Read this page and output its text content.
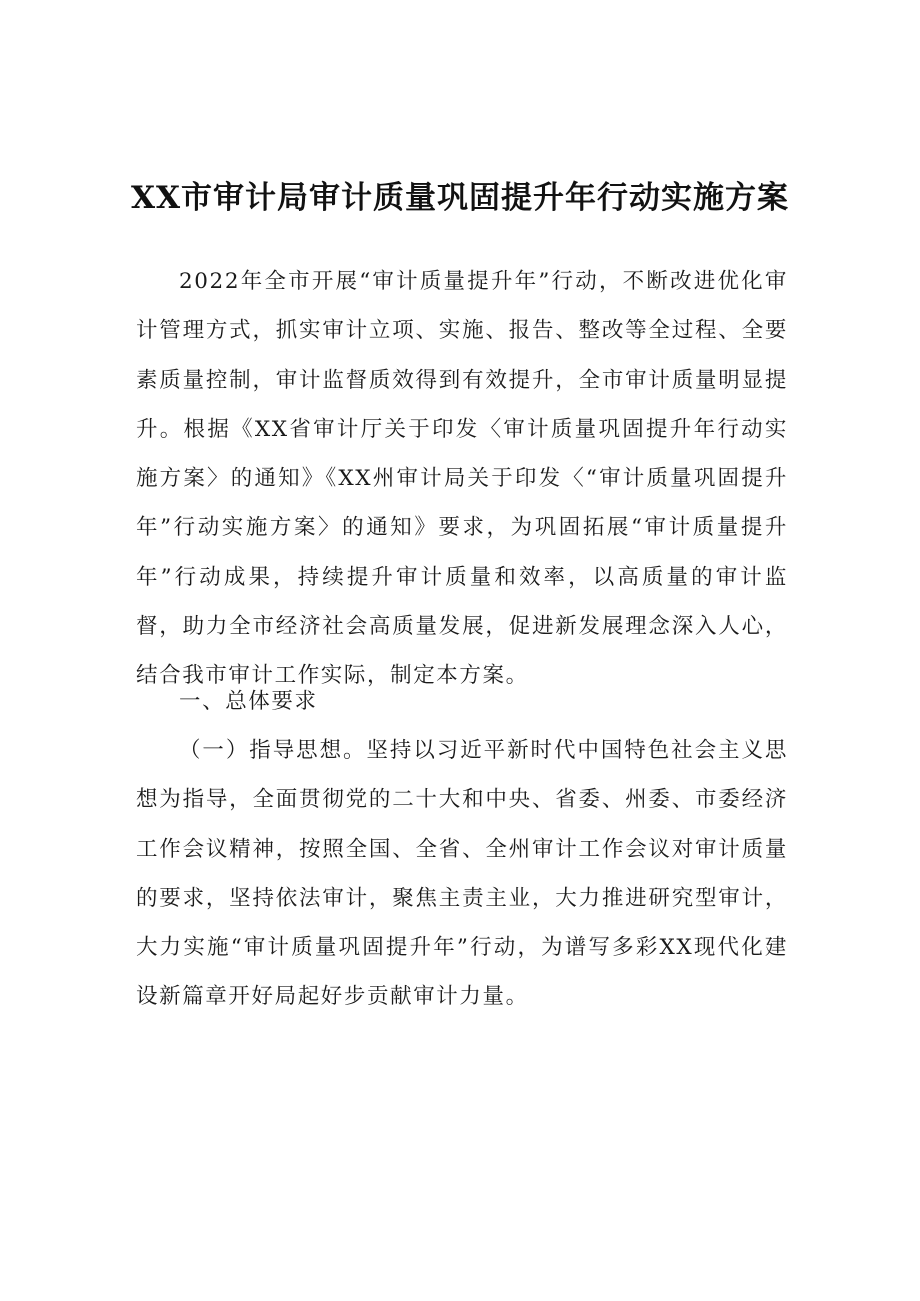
XX市审计局审计质量巩固提升年行动实施方案

2022年全市开展“审计质量提升年”行动，不断改进优化审计管理方式，抓实审计立项、实施、报告、整改等全过程、全要素质量控制，审计监督质效得到有效提升，全市审计质量明显提升。根据《XX省审计厅关于印发〈审计质量巩固提升年行动实施方案〉的通知》《XX州审计局关于印发〈“审计质量巩固提升年”行动实施方案〉的通知》要求，为巩固拓展“审计质量提升年”行动成果，持续提升审计质量和效率，以高质量的审计监督，助力全市经济社会高质量发展，促进新发展理念深入人心，结合我市审计工作实际，制定本方案。

一、总体要求

（一）指导思想。坚持以习近平新时代中国特色社会主义思想为指导，全面贯彻党的二十大和中央、省委、州委、市委经济工作会议精神，按照全国、全省、全州审计工作会议对审计质量的要求，坚持依法审计，聚焦主责主业，大力推进研究型审计，大力实施“审计质量巩固提升年”行动，为谱写多彩XX现代化建设新篇章开好局起好步贡献审计力量。
